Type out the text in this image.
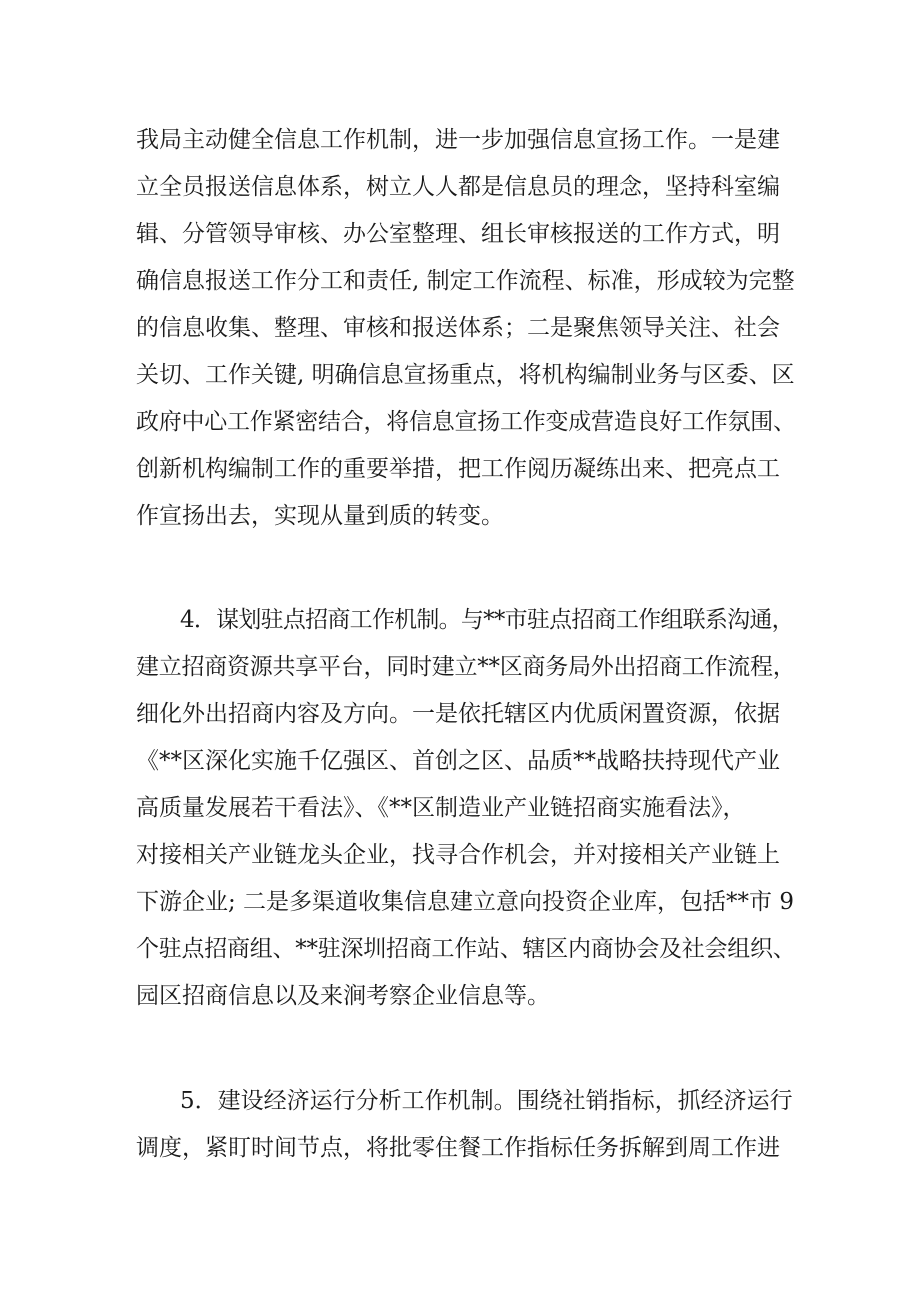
我局主动健全信息工作机制，进一步加强信息宣扬工作。一是建

立全员报送信息体系，树立人人都是信息员的理念，坚持科室编

辑、分管领导审核、办公室整理、组长审核报送的工作方式，明

确信息报送工作分工和责任, 制定工作流程、标准，形成较为完整

的信息收集、整理、审核和报送体系；二是聚焦领导关注、社会

关切、工作关键, 明确信息宣扬重点，将机构编制业务与区委、区

政府中心工作紧密结合，将信息宣扬工作变成营造良好工作氛围、

创新机构编制工作的重要举措，把工作阅历凝练出来、把亮点工

作宣扬出去，实现从量到质的转变。

4．谋划驻点招商工作机制。与**市驻点招商工作组联系沟通，

建立招商资源共享平台，同时建立**区商务局外出招商工作流程，

细化外出招商内容及方向。一是依托辖区内优质闲置资源，依据

《**区深化实施千亿强区、首创之区、品质**战略扶持现代产业

高质量发展若干看法》、《**区制造业产业链招商实施看法》，

对接相关产业链龙头企业，找寻合作机会，并对接相关产业链上

下游企业; 二是多渠道收集信息建立意向投资企业库，包括**市 9

个驻点招商组、**驻深圳招商工作站、辖区内商协会及社会组织、

园区招商信息以及来涧考察企业信息等。

5．建设经济运行分析工作机制。围绕社销指标，抓经济运行

调度，紧盯时间节点，将批零住餐工作指标任务拆解到周工作进
